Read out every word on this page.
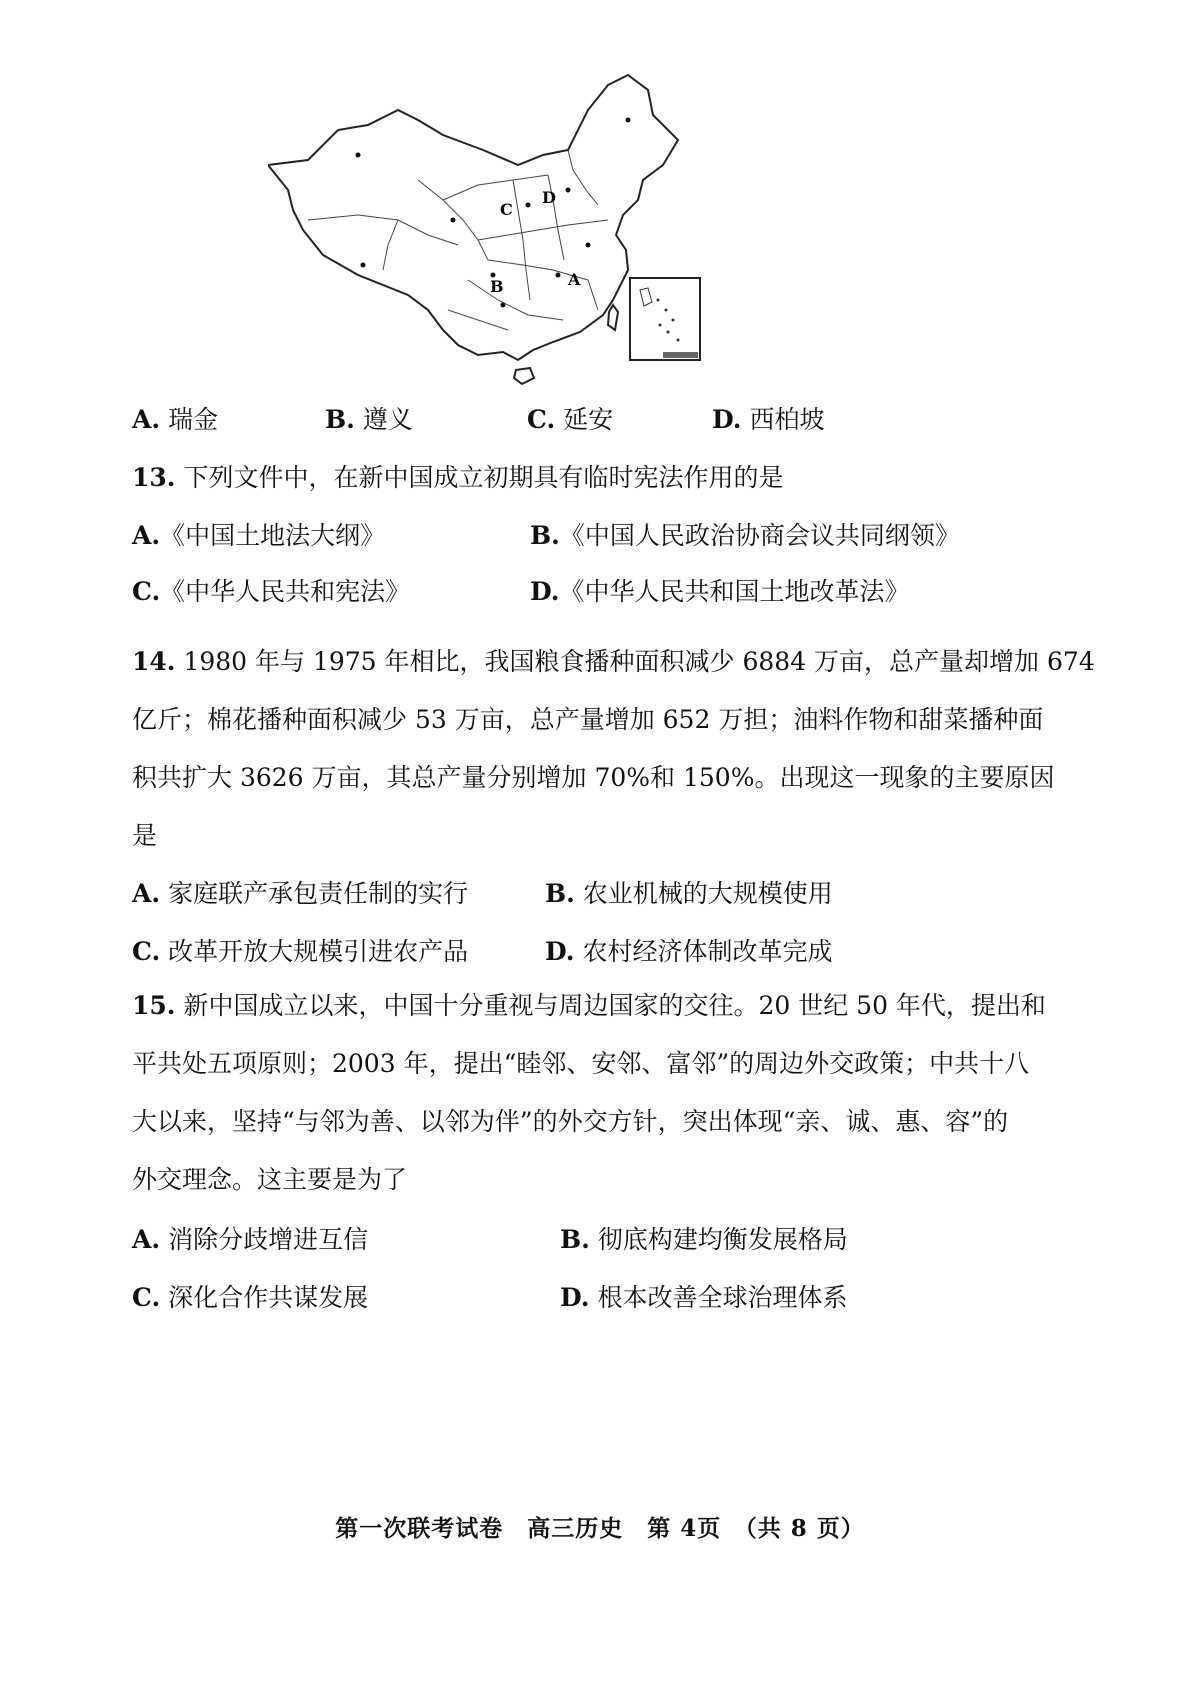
A
B
C
D
A. 瑞金	B. 遵义	C. 延安	D. 西柏坡
13. 下列文件中，在新中国成立初期具有临时宪法作用的是
A.《中国土地法大纲》	B.《中国人民政治协商会议共同纲领》
C.《中华人民共和宪法》	D.《中华人民共和国土地改革法》
14. 1980 年与 1975 年相比，我国粮食播种面积减少 6884 万亩，总产量却增加 674
亿斤；棉花播种面积减少 53 万亩，总产量增加 652 万担；油料作物和甜菜播种面
积共扩大 3626 万亩，其总产量分别增加 70%和 150%。出现这一现象的主要原因
是
A. 家庭联产承包责任制的实行	B. 农业机械的大规模使用
C. 改革开放大规模引进农产品	D. 农村经济体制改革完成
15. 新中国成立以来，中国十分重视与周边国家的交往。20 世纪 50 年代，提出和
平共处五项原则；2003 年，提出“睦邻、安邻、富邻”的周边外交政策；中共十八
大以来，坚持“与邻为善、以邻为伴”的外交方针，突出体现“亲、诚、惠、容”的
外交理念。这主要是为了
A. 消除分歧增进互信	B. 彻底构建均衡发展格局
C. 深化合作共谋发展	D. 根本改善全球治理体系
第一次联考试卷　高三历史　第 4页　（共 8 页）
